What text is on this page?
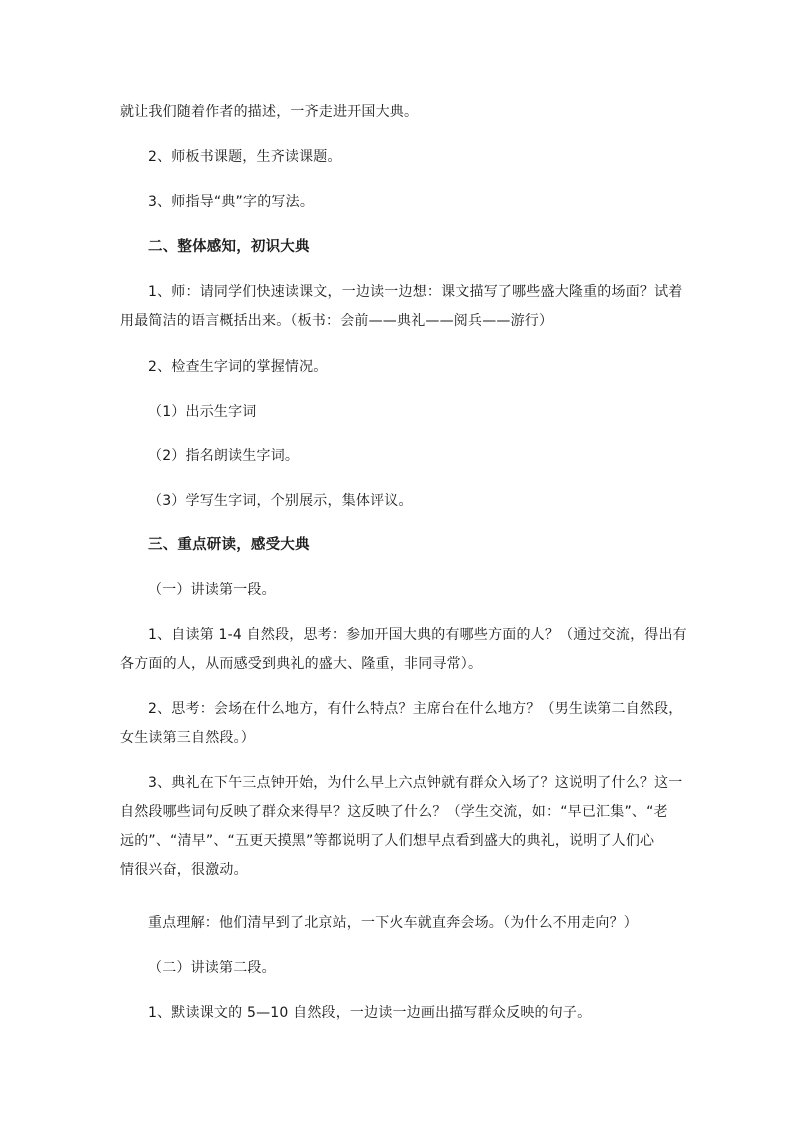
就让我们随着作者的描述，一齐走进开国大典。
2、师板书课题，生齐读课题。
3、师指导“典”字的写法。
二、整体感知，初识大典
1、师：请同学们快速读课文，一边读一边想：课文描写了哪些盛大隆重的场面？试着
用最简洁的语言概括出来。（板书：会前——典礼——阅兵——游行）
2、检查生字词的掌握情况。
（1）出示生字词
（2）指名朗读生字词。
（3）学写生字词，个别展示，集体评议。
三、重点研读，感受大典
（一）讲读第一段。
1、自读第 1-4 自然段，思考：参加开国大典的有哪些方面的人？（通过交流，得出有
各方面的人，从而感受到典礼的盛大、隆重，非同寻常）。
2、思考：会场在什么地方，有什么特点？主席台在什么地方？（男生读第二自然段，
女生读第三自然段。）
3、典礼在下午三点钟开始，为什么早上六点钟就有群众入场了？这说明了什么？这一
自然段哪些词句反映了群众来得早？这反映了什么？（学生交流，如：“早已汇集”、“老
远的”、“清早”、“五更天摸黑”等都说明了人们想早点看到盛大的典礼，说明了人们心
情很兴奋，很激动。
重点理解：他们清早到了北京站，一下火车就直奔会场。（为什么不用走向？）
（二）讲读第二段。
1、默读课文的 5—10 自然段，一边读一边画出描写群众反映的句子。
